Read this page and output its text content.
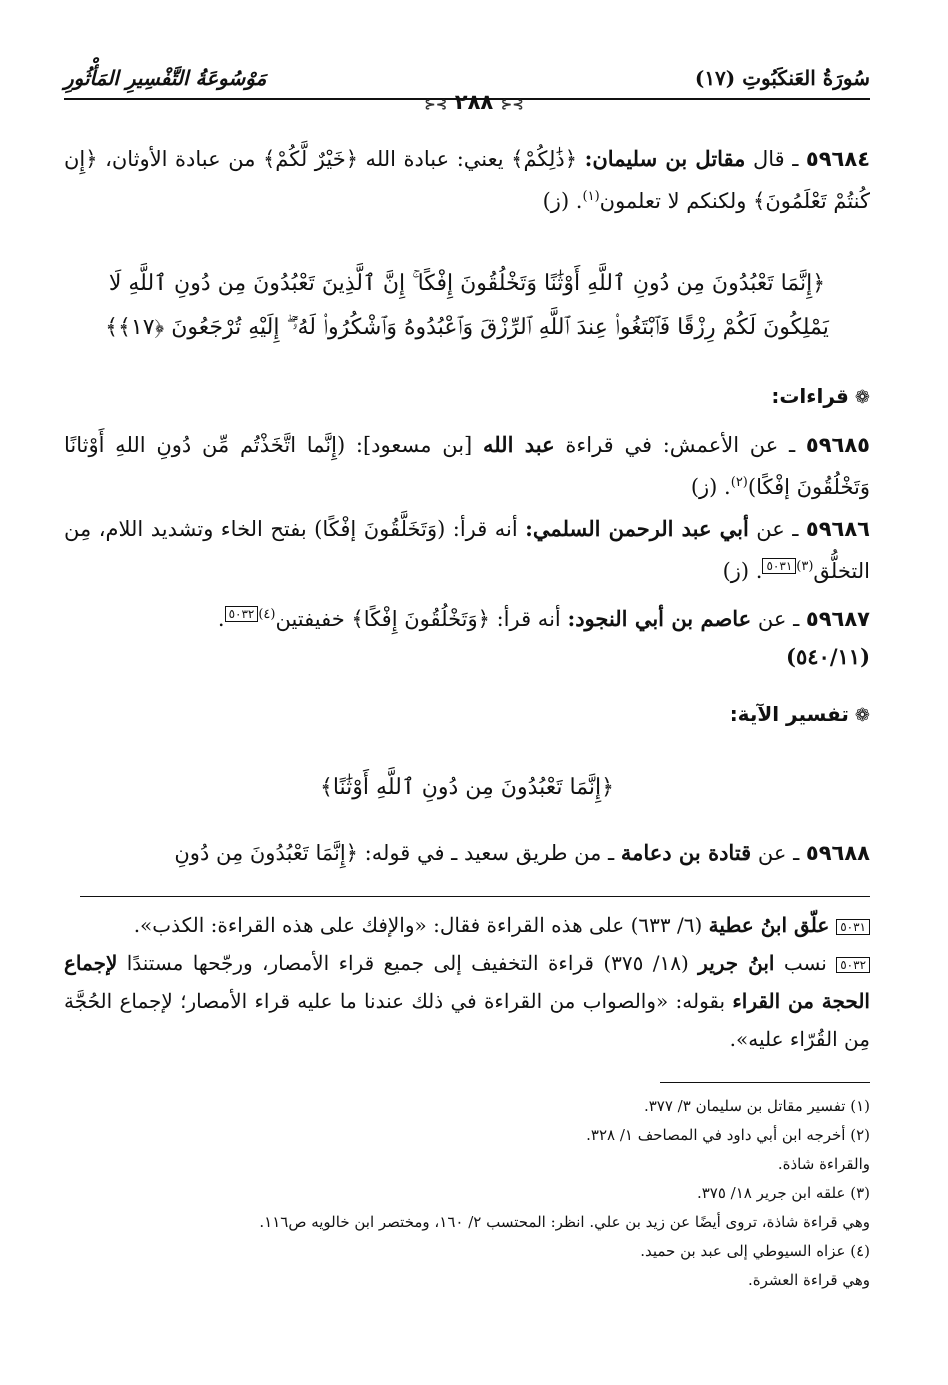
سُورَةُ العَنكَبُوتِ (١٧)
مَوْسُوعَةُ التَّفْسِيرِ المَأْثُورِ
⊱⊰ ٢٨٨ ⊱⊰
٥٩٦٨٤ ـ قال مقاتل بن سليمان: ﴿ذَٰلِكُمْ﴾ يعني: عبادة الله ﴿خَيْرٌ لَّكُمْ﴾ من عبادة الأوثان، ﴿إِن كُنتُمْ تَعْلَمُونَ﴾ ولكنكم لا تعلمون$^{(١)}$. (ز)
﴿إِنَّمَا تَعْبُدُونَ مِن دُونِ ٱللَّهِ أَوْثَٰنًا وَتَخْلُقُونَ إِفْكًا ۚ إِنَّ ٱلَّذِينَ تَعْبُدُونَ مِن دُونِ ٱللَّهِ لَا
يَمْلِكُونَ لَكُمْ رِزْقًا فَٱبْتَغُوا۟ عِندَ ٱللَّهِ ٱلرِّزْقَ وَٱعْبُدُوهُ وَٱشْكُرُوا۟ لَهُۥٓ ۖ إِلَيْهِ تُرْجَعُونَ ﴿١٧﴾﴾
❁قراءات:
٥٩٦٨٥ ـ عن الأعمش: في قراءة عبد الله [بن مسعود]: (إِنَّما اتَّخَذْتُم مِّن دُونِ اللهِ أَوْثانًا وَتَخْلُقُونَ إفْكًا)$^{(٢)}$. (ز)
٥٩٦٨٦ ـ عن أبي عبد الرحمن السلمي: أنه قرأ: (وَتَخَلَّقُونَ إفْكًا) بفتح الخاء وتشديد اللام، مِن التخلُّق$^{(٣)}$٥٠٣١. (ز)
٥٩٦٨٧ ـ عن عاصم بن أبي النجود: أنه قرأ: ﴿وَتَخْلُقُونَ إِفْكًا﴾ خفيفتين$^{(٤)}$٥٠٣٢.
(٥٤٠/١١)
❁تفسير الآية:
﴿إِنَّمَا تَعْبُدُونَ مِن دُونِ ٱللَّهِ أَوْثَٰنًا﴾
٥٩٦٨٨ ـ عن قتادة بن دعامة ـ من طريق سعيد ـ في قوله: ﴿إِنَّمَا تَعْبُدُونَ مِن دُونِ
٥٠٣١ علّق ابنُ عطية (٦/ ٦٣٣) على هذه القراءة فقال: «والإفك على هذه القراءة: الكذب».
٥٠٣٢ نسب ابنُ جرير (١٨/ ٣٧٥) قراءة التخفيف إلى جميع قراء الأمصار، ورجّحها مستندًا لإجماع الحجة من القراء بقوله: «والصواب من القراءة في ذلك عندنا ما عليه قراء الأمصار؛ لإجماع الحُجَّة مِن القُرّاء عليه».
(١) تفسير مقاتل بن سليمان ٣/ ٣٧٧.
(٢) أخرجه ابن أبي داود في المصاحف ١/ ٣٢٨.
والقراءة شاذة.
(٣) علقه ابن جرير ١٨/ ٣٧٥.
وهي قراءة شاذة، تروى أيضًا عن زيد بن علي. انظر: المحتسب ٢/ ١٦٠، ومختصر ابن خالويه ص١١٦.
(٤) عزاه السيوطي إلى عبد بن حميد.
وهي قراءة العشرة.
